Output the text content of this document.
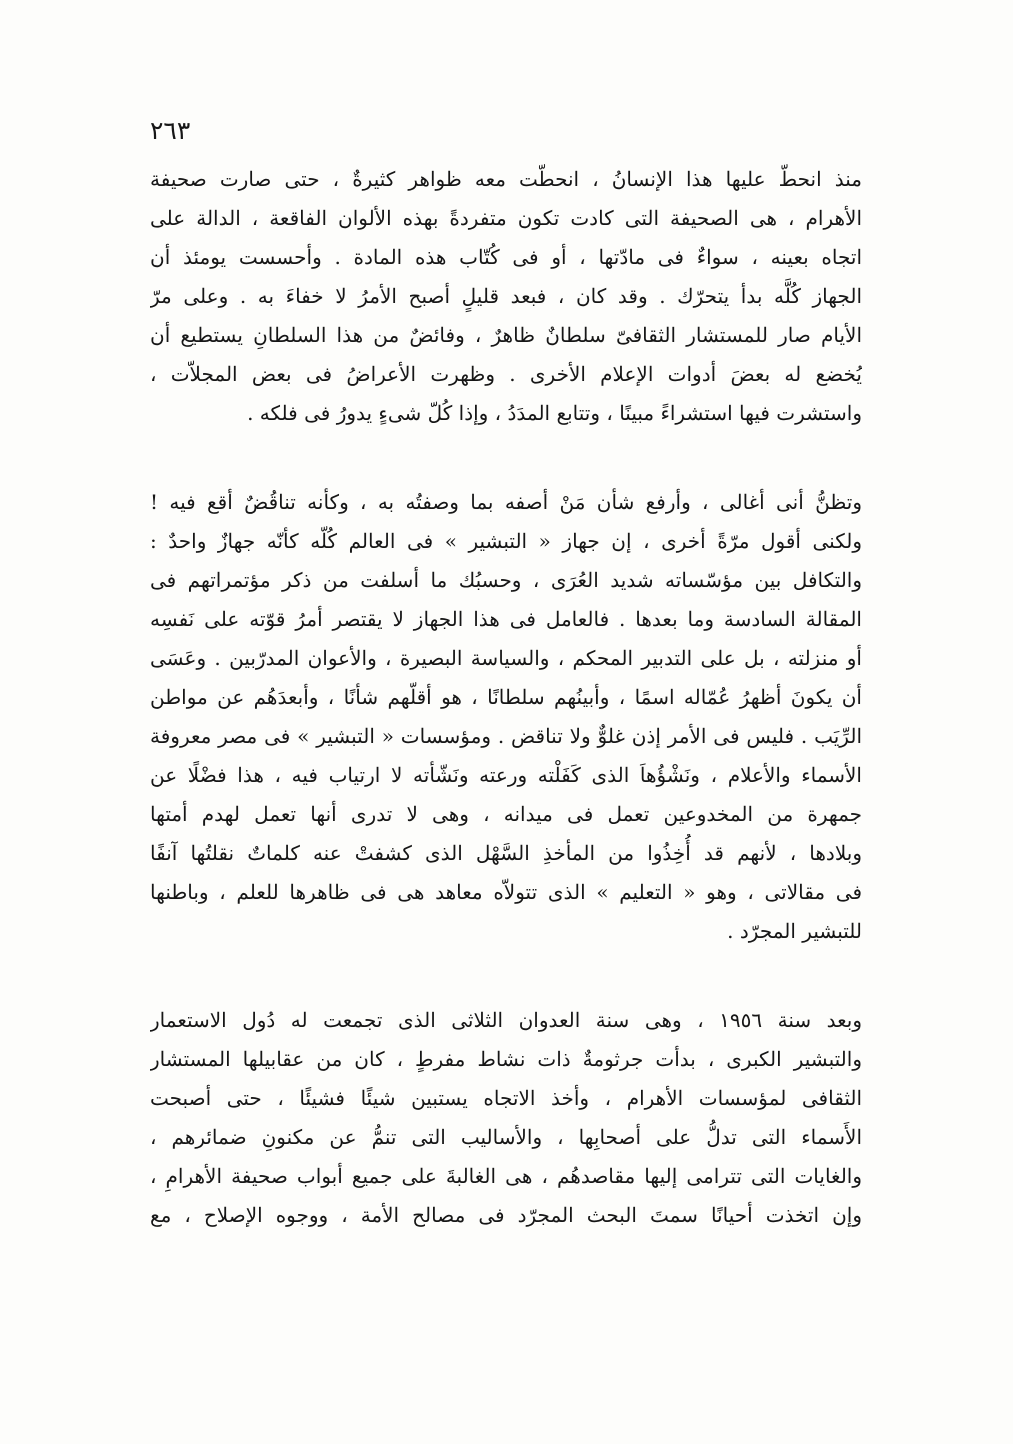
٢٦٣
منذ انحطّ عليها هذا الإنسانُ ، انحطّت معه ظواهر كثيرةٌ ، حتى صارت صحيفة
الأهرام ، هى الصحيفة التى كادت تكون متفردةً بهذه الألوان الفاقعة ، الدالة على
اتجاه بعينه ، سواءٌ فى مادّتها ، أو فى كُتّاب هذه المادة . وأحسست يومئذ أن
الجهاز كُلَّه بدأ يتحرّك . وقد كان ، فبعد قليلٍ أصبح الأمرُ لا خفاءَ به . وعلى مرّ
الأيام صار للمستشار الثقافىّ سلطانٌ ظاهرٌ ، وفائضٌ من هذا السلطانِ يستطيع أن
يُخضع له بعضَ أدوات الإعلام الأخرى . وظهرت الأعراضُ فى بعض المجلاّت ،
واستشرت فيها استشراءً مبينًا ، وتتابع المدَدُ ، وإذا كُلّ شىءٍ يدورُ فى فلكه .
وتظنُّ أنى أغالى ، وأرفع شأن مَنْ أصفه بما وصفتُه به ، وكأنه تناقُضٌ أقع فيه !
ولكنى أقول مرّةً أخرى ، إن جهاز « التبشير » فى العالم كُلّه كأنّه جهازٌ واحدٌ :
والتكافل بين مؤسّساته شديد العُرَى ، وحسبُك ما أسلفت من ذكر مؤتمراتهم فى
المقالة السادسة وما بعدها . فالعامل فى هذا الجهاز لا يقتصر أمرُ قوّته على نَفسِه
أو منزلته ، بل على التدبير المحكم ، والسياسة البصيرة ، والأعوان المدرّبين . وعَسَى
أن يكونَ أظهرُ عُمّاله اسمًا ، وأبينُهم سلطانًا ، هو أقلّهم شأنًا ، وأبعدَهُم عن مواطن
الرِّيَب . فليس فى الأمر إذن غلوٌّ ولا تناقض . ومؤسسات « التبشير » فى مصر معروفة
الأسماء والأعلام ، ونَشْؤُهاَ الذى كَفَلْته ورعته ونَشّأته لا ارتياب فيه ، هذا فضْلًا عن
جمهرة من المخدوعين تعمل فى ميدانه ، وهى لا تدرى أنها تعمل لهدم أمتها
وبلادها ، لأنهم قد أُخِذُوا من المأخذِ السَّهْل الذى كشفتْ عنه كلماتٌ نقلتُها آنفًا
فى مقالاتى ، وهو « التعليم » الذى تتولاّه معاهد هى فى ظاهرها للعلم ، وباطنها
للتبشير المجرّد .
وبعد سنة ١٩٥٦ ، وهى سنة العدوان الثلاثى الذى تجمعت له دُول الاستعمار
والتبشير الكبرى ، بدأت جرثومةٌ ذات نشاط مفرطٍ ، كان من عقابيلها المستشار
الثقافى لمؤسسات الأهرام ، وأخذ الاتجاه يستبين شيئًا فشيئًا ، حتى أصبحت
الأَسماء التى تدلُّ على أصحابِها ، والأساليب التى تنمُّ عن مكنونِ ضمائرهم ،
والغايات التى تترامى إليها مقاصدهُم ، هى الغالبةَ على جميع أبواب صحيفة الأهرامِ ،
وإن اتخذت أحيانًا سمتَ البحث المجرّد فى مصالح الأمة ، ووجوه الإصلاح ، مع
